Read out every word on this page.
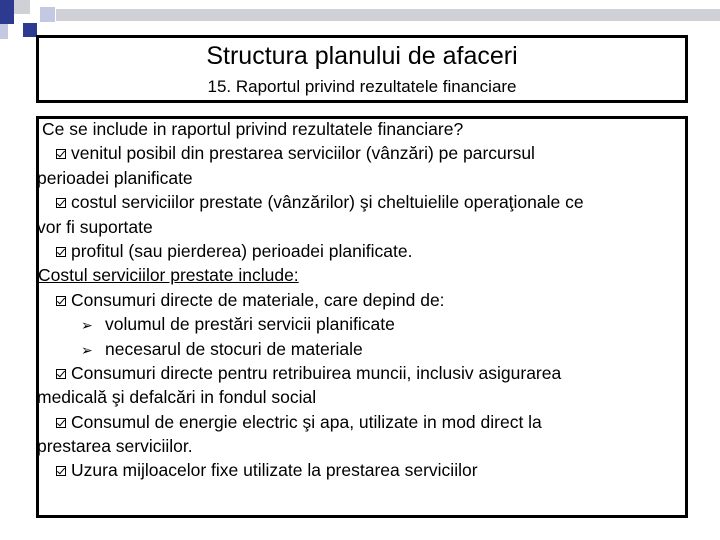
Structura planului de afaceri
15. Raportul privind rezultatele financiare
Ce se include in raportul privind rezultatele financiare?
venitul posibil din prestarea serviciilor (vânzări) pe parcursul
perioadei planificate
costul serviciilor prestate (vânzărilor) şi cheltuielile operaţionale ce
vor fi suportate
profitul (sau pierderea) perioadei planificate.
Costul serviciilor prestate include:
Consumuri directe de materiale, care depind de:
➢ volumul de prestări servicii planificate
➢ necesarul de stocuri de materiale
Consumuri directe pentru retribuirea muncii, inclusiv asigurarea
medicală şi defalcări in fondul social
Consumul de energie electric şi apa, utilizate in mod direct la
prestarea serviciilor.
Uzura mijloacelor fixe utilizate la prestarea serviciilor
